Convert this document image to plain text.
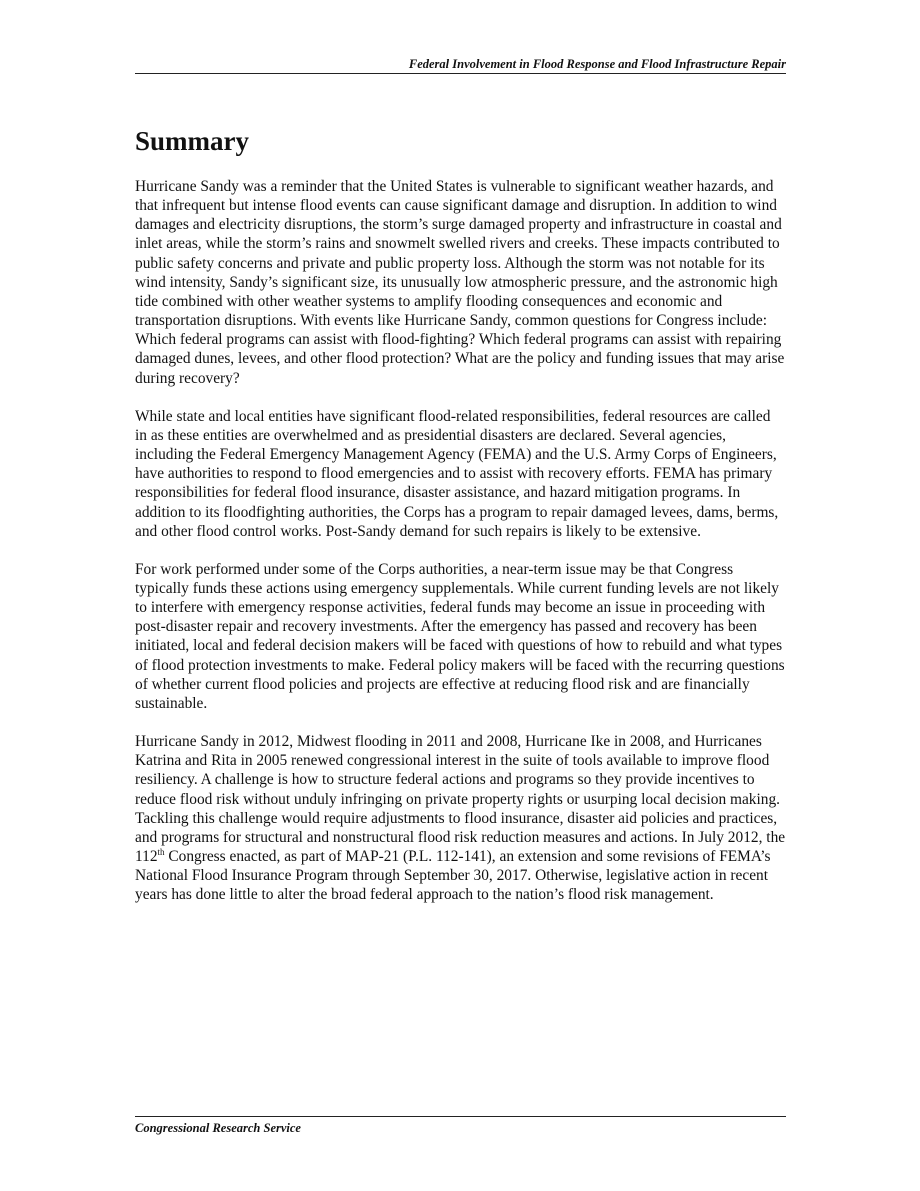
Federal Involvement in Flood Response and Flood Infrastructure Repair
Summary

Hurricane Sandy was a reminder that the United States is vulnerable to significant weather hazards, and that infrequent but intense flood events can cause significant damage and disruption. In addition to wind damages and electricity disruptions, the storm’s surge damaged property and infrastructure in coastal and inlet areas, while the storm’s rains and snowmelt swelled rivers and creeks. These impacts contributed to public safety concerns and private and public property loss. Although the storm was not notable for its wind intensity, Sandy’s significant size, its unusually low atmospheric pressure, and the astronomic high tide combined with other weather systems to amplify flooding consequences and economic and transportation disruptions. With events like Hurricane Sandy, common questions for Congress include: Which federal programs can assist with flood-fighting? Which federal programs can assist with repairing damaged dunes, levees, and other flood protection? What are the policy and funding issues that may arise during recovery?

While state and local entities have significant flood-related responsibilities, federal resources are called in as these entities are overwhelmed and as presidential disasters are declared. Several agencies, including the Federal Emergency Management Agency (FEMA) and the U.S. Army Corps of Engineers, have authorities to respond to flood emergencies and to assist with recovery efforts. FEMA has primary responsibilities for federal flood insurance, disaster assistance, and hazard mitigation programs. In addition to its floodfighting authorities, the Corps has a program to repair damaged levees, dams, berms, and other flood control works. Post-Sandy demand for such repairs is likely to be extensive.

For work performed under some of the Corps authorities, a near-term issue may be that Congress typically funds these actions using emergency supplementals. While current funding levels are not likely to interfere with emergency response activities, federal funds may become an issue in proceeding with post-disaster repair and recovery investments. After the emergency has passed and recovery has been initiated, local and federal decision makers will be faced with questions of how to rebuild and what types of flood protection investments to make. Federal policy makers will be faced with the recurring questions of whether current flood policies and projects are effective at reducing flood risk and are financially sustainable.

Hurricane Sandy in 2012, Midwest flooding in 2011 and 2008, Hurricane Ike in 2008, and Hurricanes Katrina and Rita in 2005 renewed congressional interest in the suite of tools available to improve flood resiliency. A challenge is how to structure federal actions and programs so they provide incentives to reduce flood risk without unduly infringing on private property rights or usurping local decision making. Tackling this challenge would require adjustments to flood insurance, disaster aid policies and practices, and programs for structural and nonstructural flood risk reduction measures and actions. In July 2012, the 112th Congress enacted, as part of MAP-21 (P.L. 112-141), an extension and some revisions of FEMA’s National Flood Insurance Program through September 30, 2017. Otherwise, legislative action in recent years has done little to alter the broad federal approach to the nation’s flood risk management.

Congressional Research Service
